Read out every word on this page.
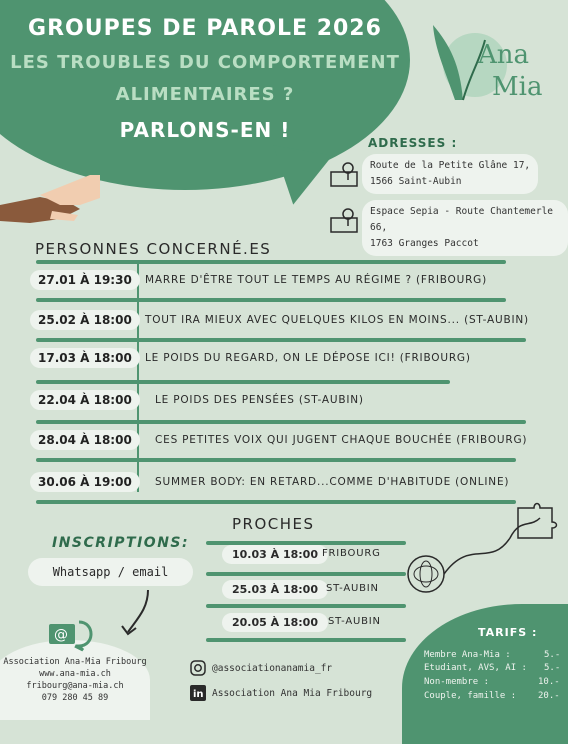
GROUPES DE PAROLE 2026
LES TROUBLES DU COMPORTEMENT
ALIMENTAIRES ?
PARLONS-EN !
Ana
Mia
ADRESSES :
Route de la Petite Glâne 17,
1566 Saint-Aubin
Espace Sepia - Route Chantemerle 66,
1763 Granges Paccot
PERSONNES CONCERNÉ.ES
27.01 À 19:30	MARRE D'ÊTRE TOUT LE TEMPS AU RÉGIME ? (FRIBOURG)
25.02 À 18:00	TOUT IRA MIEUX AVEC QUELQUES KILOS EN MOINS... (ST-AUBIN)
17.03 À 18:00	LE POIDS DU REGARD, ON LE DÉPOSE ICI! (FRIBOURG)
22.04 À 18:00	LE POIDS DES PENSÉES (ST-AUBIN)
28.04 À 18:00	CES PETITES VOIX QUI JUGENT CHAQUE BOUCHÉE (FRIBOURG)
30.06 À 19:00	SUMMER BODY: EN RETARD...COMME D'HABITUDE (ONLINE)
INSCRIPTIONS:
Whatsapp / email
@
Association Ana-Mia Fribourg
www.ana-mia.ch
fribourg@ana-mia.ch
079 280 45 89
PROCHES
10.03 À 18:00 FRIBOURG
25.03 À 18:00 ST-AUBIN
20.05 À 18:00	ST-AUBIN
@associationanamia_fr
in Association Ana Mia Fribourg
TARIFS :
Membre Ana-Mia :	5.-
Etudiant, AVS, AI : 5.-
Non-membre :	10.-
Couple, famille : 20.-
